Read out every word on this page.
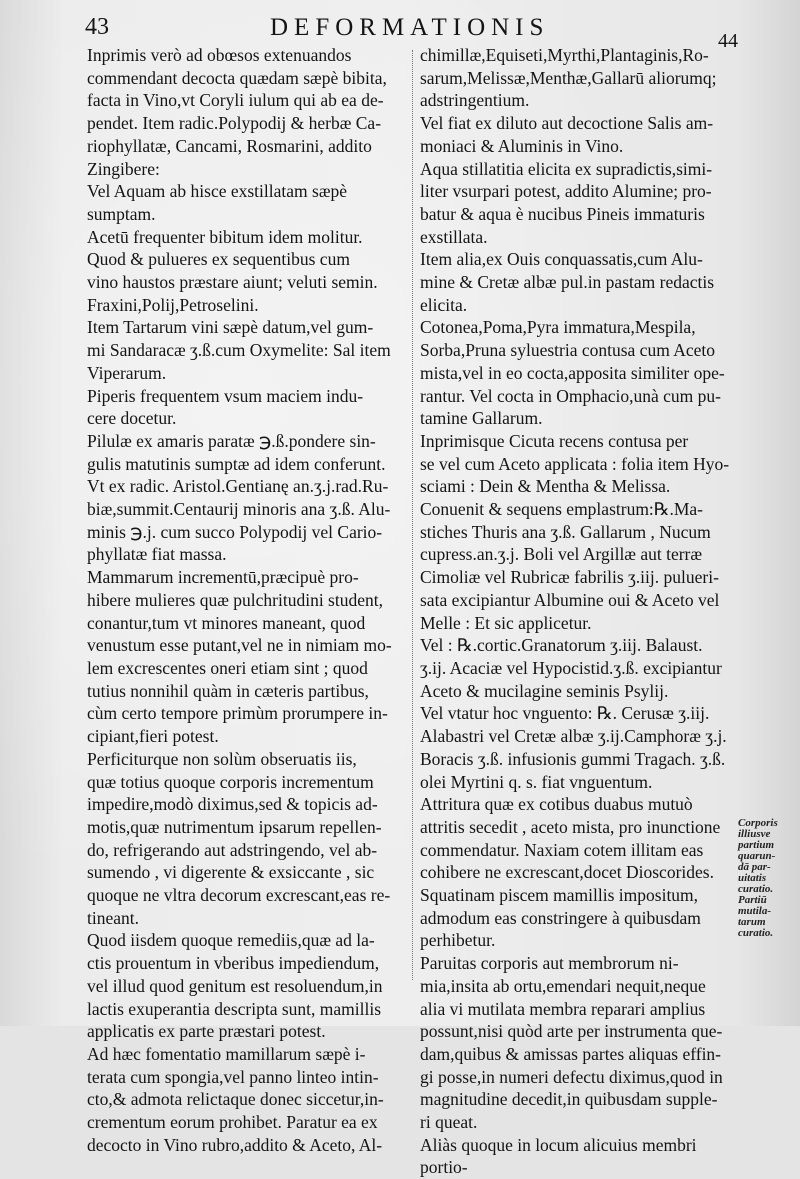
43	DEFORMATIONIS	44
Inprimis verò ad obœsos extenuandos
commendant decocta quædam sæpè bibita,
facta in Vino,vt Coryli iulum qui ab ea de-
pendet. Item radic.Polypodij & herbæ Ca-
riophyllatæ, Cancami, Rosmarini, addito
Zingibere:
Vel Aquam ab hisce exstillatam sæpè
sumptam.
Acetū frequenter bibitum idem molitur.
Quod & pulueres ex sequentibus cum
vino haustos præstare aiunt; veluti semin.
Fraxini,Polij,Petroselini.
Item Tartarum vini sæpè datum,vel gum-
mi Sandaracæ ʒ.ß.cum Oxymelite: Sal item
Viperarum.
Piperis frequentem vsum maciem indu-
cere docetur.
Pilulæ ex amaris paratæ ℈.ß.pondere sin-
gulis matutinis sumptæ ad idem conferunt.
Vt ex radic. Aristol.Gentianę an.ʒ.j.rad.Ru-
biæ,summit.Centaurij minoris ana ʒ.ß. Alu-
minis ℈.j. cum succo Polypodij vel Cario-
phyllatæ fiat massa.
Mammarum incrementū,præcipuè pro-
hibere mulieres quæ pulchritudini student,
conantur,tum vt minores maneant, quod
venustum esse putant,vel ne in nimiam mo-
lem excrescentes oneri etiam sint ; quod
tutius nonnihil quàm in cæteris partibus,
cùm certo tempore primùm prorumpere in-
cipiant,fieri potest.
Perficiturque non solùm obseruatis iis,
quæ totius quoque corporis incrementum
impedire,modò diximus,sed & topicis ad-
motis,quæ nutrimentum ipsarum repellen-
do, refrigerando aut adstringendo, vel ab-
sumendo , vi digerente & exsiccante , sic
quoque ne vltra decorum excrescant,eas re-
tineant.
Quod iisdem quoque remediis,quæ ad la-
ctis prouentum in vberibus impediendum,
vel illud quod genitum est resoluendum,in
lactis exuperantia descripta sunt, mamillis
applicatis ex parte præstari potest.
Ad hæc fomentatio mamillarum sæpè i-
terata cum spongia,vel panno linteo intin-
cto,& admota relictaque donec siccetur,in-
crementum eorum prohibet. Paratur ea ex
decocto in Vino rubro,addito & Aceto, Al-
chimillæ,Equiseti,Myrthi,Plantaginis,Ro-
sarum,Melissæ,Menthæ,Gallarū aliorumq;
adstringentium.
Vel fiat ex diluto aut decoctione Salis am-
moniaci & Aluminis in Vino.
Aqua stillatitia elicita ex supradictis,simi-
liter vsurpari potest, addito Alumine; pro-
batur & aqua è nucibus Pineis immaturis
exstillata.
Item alia,ex Ouis conquassatis,cum Alu-
mine & Cretæ albæ pul.in pastam redactis
elicita.
Cotonea,Poma,Pyra immatura,Mespila,
Sorba,Pruna syluestria contusa cum Aceto
mista,vel in eo cocta,apposita similiter ope-
rantur. Vel cocta in Omphacio,unà cum pu-
tamine Gallarum.
Inprimisque Cicuta recens contusa per
se vel cum Aceto applicata : folia item Hyo-
sciami : Dein & Mentha & Melissa.
Conuenit & sequens emplastrum:℞.Ma-
stiches Thuris ana ʒ.ß. Gallarum , Nucum
cupress.an.ʒ.j. Boli vel Argillæ aut terræ
Cimoliæ vel Rubricæ fabrilis ʒ.iij. pulueri-
sata excipiantur Albumine oui & Aceto vel
Melle : Et sic applicetur.
Vel : ℞.cortic.Granatorum ʒ.iij. Balaust.
ʒ.ij. Acaciæ vel Hypocistid.ʒ.ß. excipiantur
Aceto & mucilagine seminis Psylij.
Vel vtatur hoc vnguento: ℞. Cerusæ ʒ.iij.
Alabastri vel Cretæ albæ ʒ.ij.Camphoræ ʒ.j.
Boracis ʒ.ß. infusionis gummi Tragach. ʒ.ß.
olei Myrtini q. s. fiat vnguentum.
Attritura quæ ex cotibus duabus mutuò
attritis secedit , aceto mista, pro inunctione
commendatur. Naxiam cotem illitam eas
cohibere ne excrescant,docet Dioscorides.
Squatinam piscem mamillis impositum,
admodum eas constringere à quibusdam
perhibetur.
Paruitas corporis aut membrorum ni-
mia,insita ab ortu,emendari nequit,neque
alia vi mutilata membra reparari amplius
possunt,nisi quòd arte per instrumenta que-
dam,quibus & amissas partes aliquas effin-
gi posse,in numeri defectu diximus,quod in
magnitudine decedit,in quibusdam supple-
ri queat.
Aliàs quoque in locum alicuius membri
portio-
Corporis
illiusve
partium
quarun-
dā par-
uitatis
curatio.
Partiū
mutila-
tarum
curatio.
